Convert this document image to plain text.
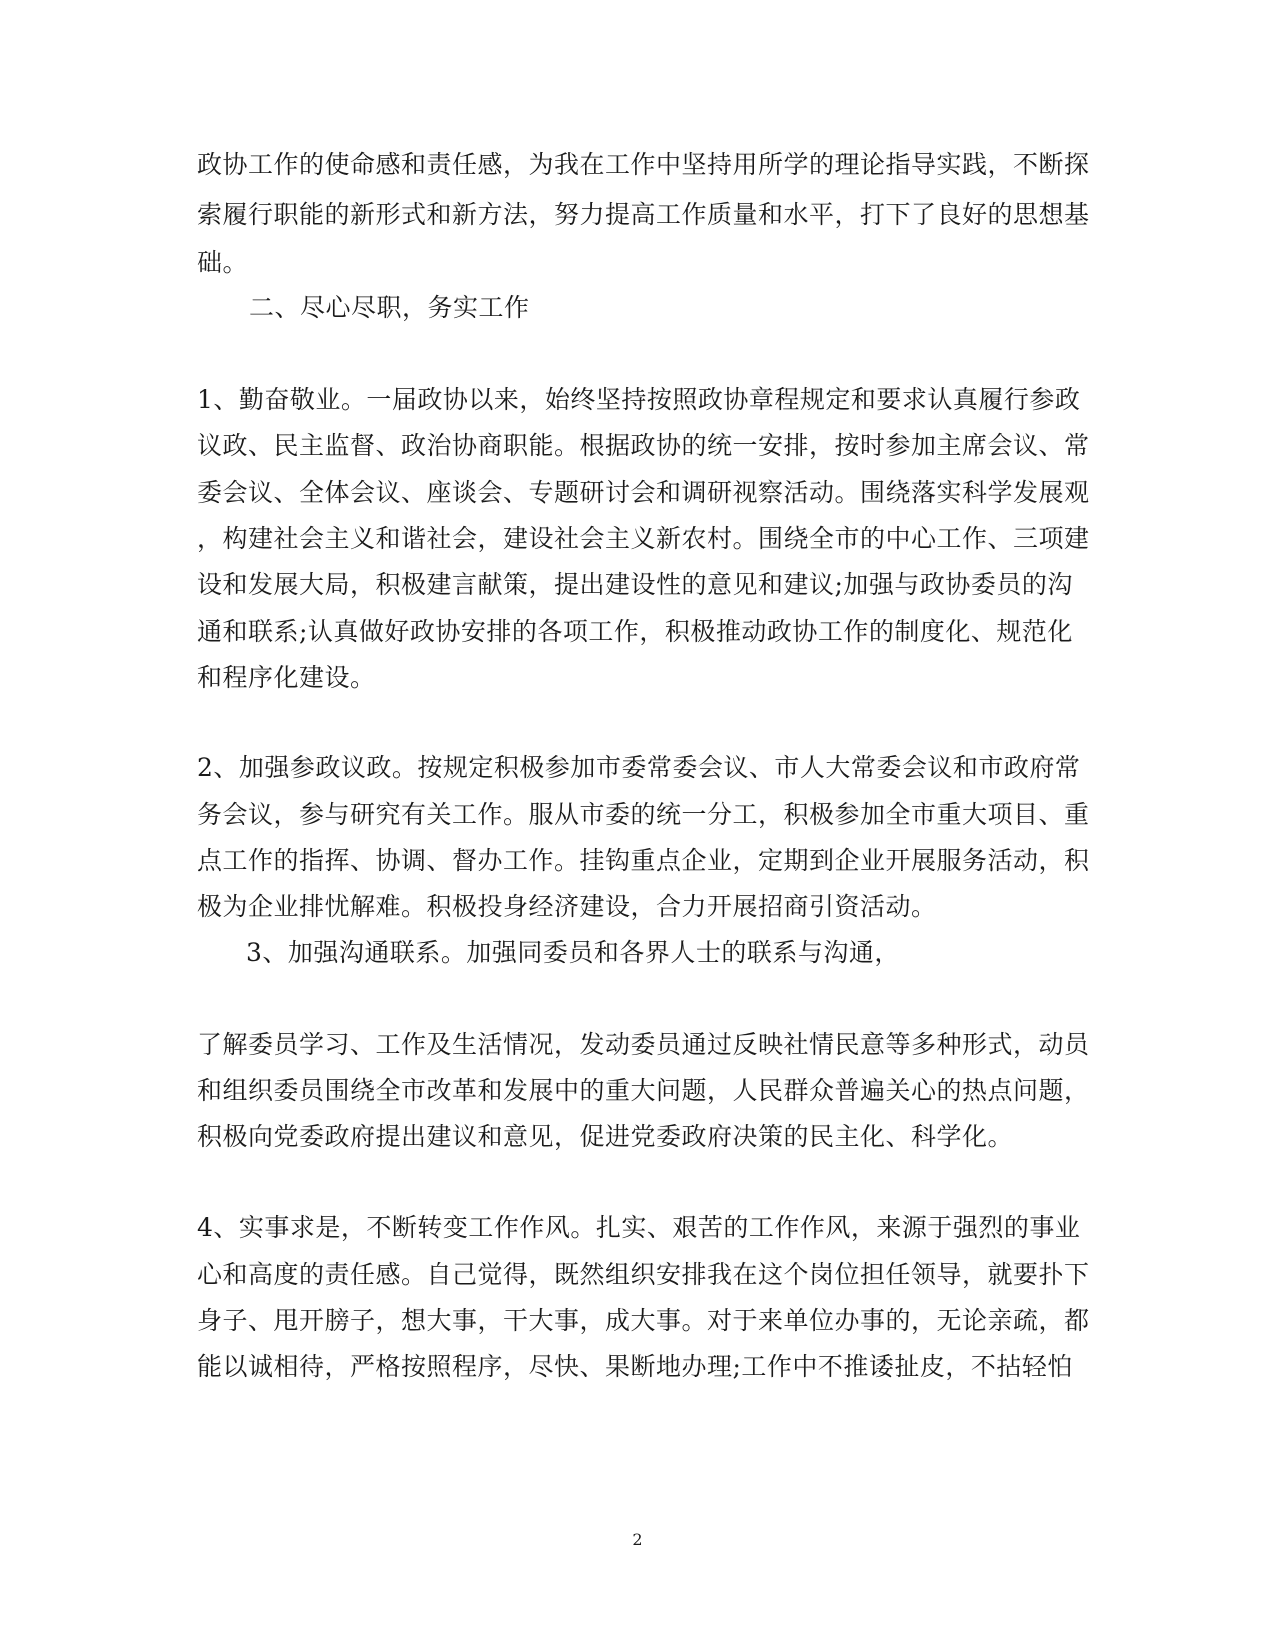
政协工作的使命感和责任感，为我在工作中坚持用所学的理论指导实践，不断探
索履行职能的新形式和新方法，努力提高工作质量和水平，打下了良好的思想基
础。
二、尽心尽职，务实工作
1、勤奋敬业。一届政协以来，始终坚持按照政协章程规定和要求认真履行参政
议政、民主监督、政治协商职能。根据政协的统一安排，按时参加主席会议、常
委会议、全体会议、座谈会、专题研讨会和调研视察活动。围绕落实科学发展观
，构建社会主义和谐社会，建设社会主义新农村。围绕全市的中心工作、三项建
设和发展大局，积极建言献策，提出建设性的意见和建议;加强与政协委员的沟
通和联系;认真做好政协安排的各项工作，积极推动政协工作的制度化、规范化
和程序化建设。
2、加强参政议政。按规定积极参加市委常委会议、市人大常委会议和市政府常
务会议，参与研究有关工作。服从市委的统一分工，积极参加全市重大项目、重
点工作的指挥、协调、督办工作。挂钩重点企业，定期到企业开展服务活动，积
极为企业排忧解难。积极投身经济建设，合力开展招商引资活动。
3、加强沟通联系。加强同委员和各界人士的联系与沟通，
了解委员学习、工作及生活情况，发动委员通过反映社情民意等多种形式，动员
和组织委员围绕全市改革和发展中的重大问题，人民群众普遍关心的热点问题，
积极向党委政府提出建议和意见，促进党委政府决策的民主化、科学化。
4、实事求是，不断转变工作作风。扎实、艰苦的工作作风，来源于强烈的事业
心和高度的责任感。自己觉得，既然组织安排我在这个岗位担任领导，就要扑下
身子、甩开膀子，想大事，干大事，成大事。对于来单位办事的，无论亲疏，都
能以诚相待，严格按照程序，尽快、果断地办理;工作中不推诿扯皮，不拈轻怕
2
